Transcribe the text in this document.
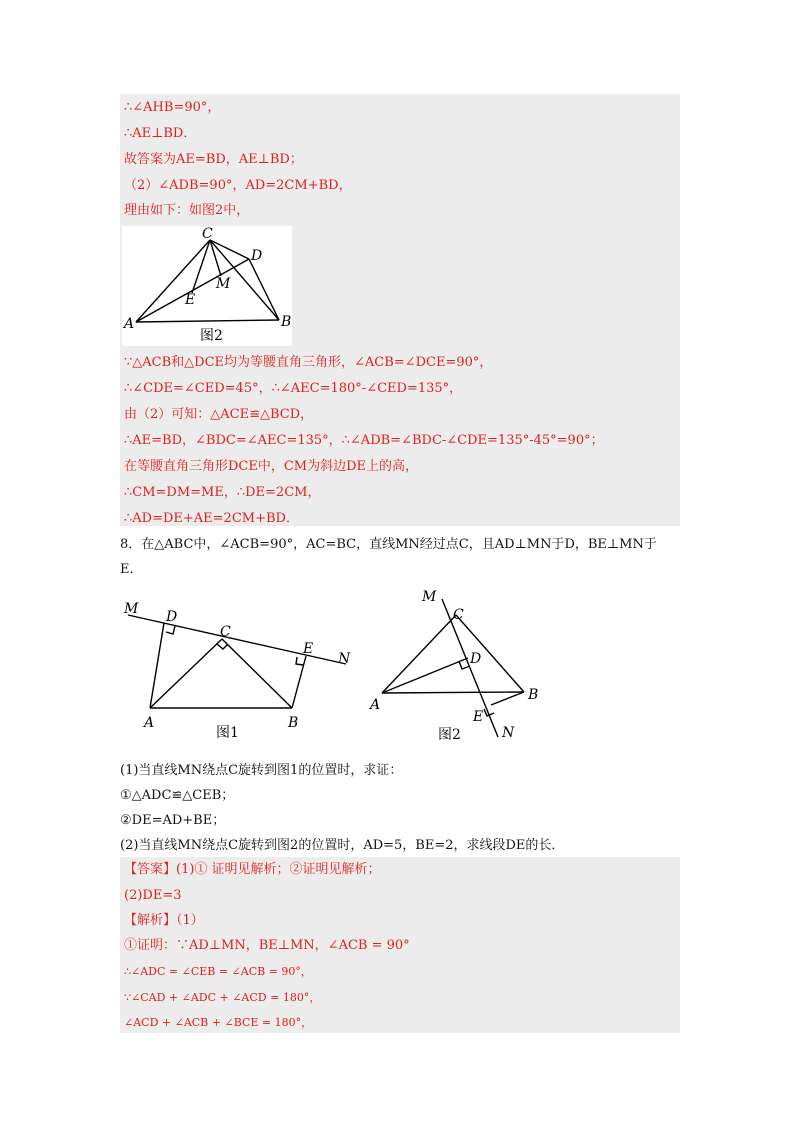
∴∠AHB=90°，
∴AE⊥BD．
故答案为AE=BD，AE⊥BD；
（2）∠ADB=90°，AD=2CM+BD，
理由如下：如图2中，
C
D
M
E
A	B
图2
∵△ACB和△DCE均为等腰直角三角形，∠ACB=∠DCE=90°，
∴∠CDE=∠CED=45°，∴∠AEC=180°-∠CED=135°，
由（2）可知：△ACE≌△BCD，
∴AE=BD，∠BDC=∠AEC=135°，∴∠ADB=∠BDC-∠CDE=135°-45°=90°；
在等腰直角三角形DCE中，CM为斜边DE上的高，
∴CM=DM=ME，∴DE=2CM，
∴AD=DE+AE=2CM+BD．
8．在△ABC中，∠ACB=90°，AC=BC，直线MN经过点C，且AD⊥MN于D，BE⊥MN于
E．
M D
C
E
N
A	B
图1
M
C
D
B
A
E
N
图2
(1)当直线MN绕点C旋转到图1的位置时，求证：
①△ADC≌△CEB；
②DE=AD+BE；
(2)当直线MN绕点C旋转到图2的位置时，AD=5，BE=2，求线段DE的长．
【答案】(1)① 证明见解析；②证明见解析；
(2)DE=3
【解析】（1）
①证明：∵AD⊥MN，BE⊥MN，∠ACB = 90°
∴∠ADC = ∠CEB = ∠ACB = 90°，
∵∠CAD + ∠ADC + ∠ACD = 180°，
∠ACD + ∠ACB + ∠BCE = 180°，
